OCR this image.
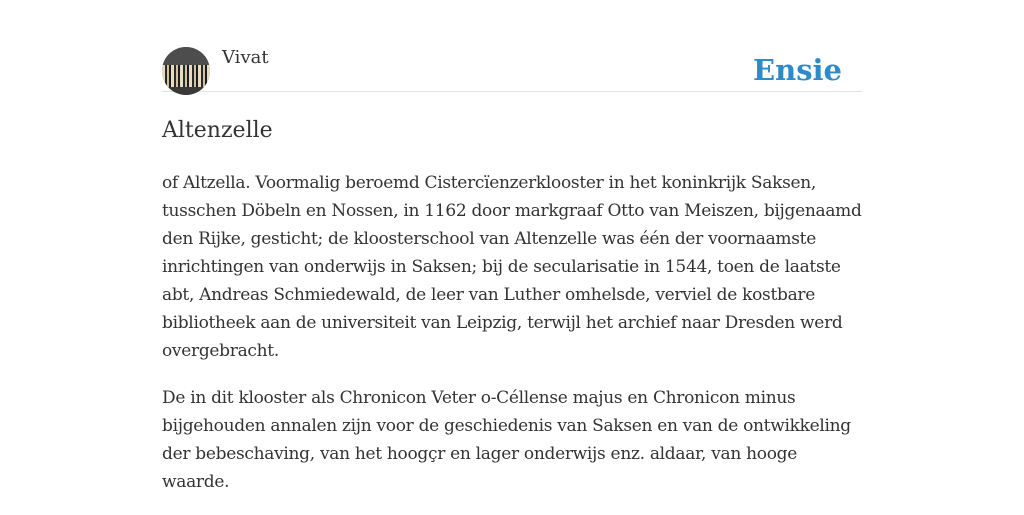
Vivat	Ensie
Altenzelle

of Altzella. Voormalig beroemd Cistercïenzerklooster in het koninkrijk Saksen, tusschen Döbeln en Nossen, in 1162 door markgraaf Otto van Meiszen, bijgenaamd den Rijke, gesticht; de kloosterschool van Altenzelle was één der voornaamste inrichtingen van onderwijs in Saksen; bij de secularisatie in 1544, toen de laatste abt, Andreas Schmiedewald, de leer van Luther omhelsde, verviel de kostbare bibliotheek aan de universiteit van Leipzig, terwijl het archief naar Dresden werd overgebracht.

De in dit klooster als Chronicon Veter o-Céllense majus en Chronicon minus bijgehouden annalen zijn voor de geschiedenis van Saksen en van de ontwikkeling der bebeschaving, van het hoogçr en lager onderwijs enz. aldaar, van hooge waarde.
